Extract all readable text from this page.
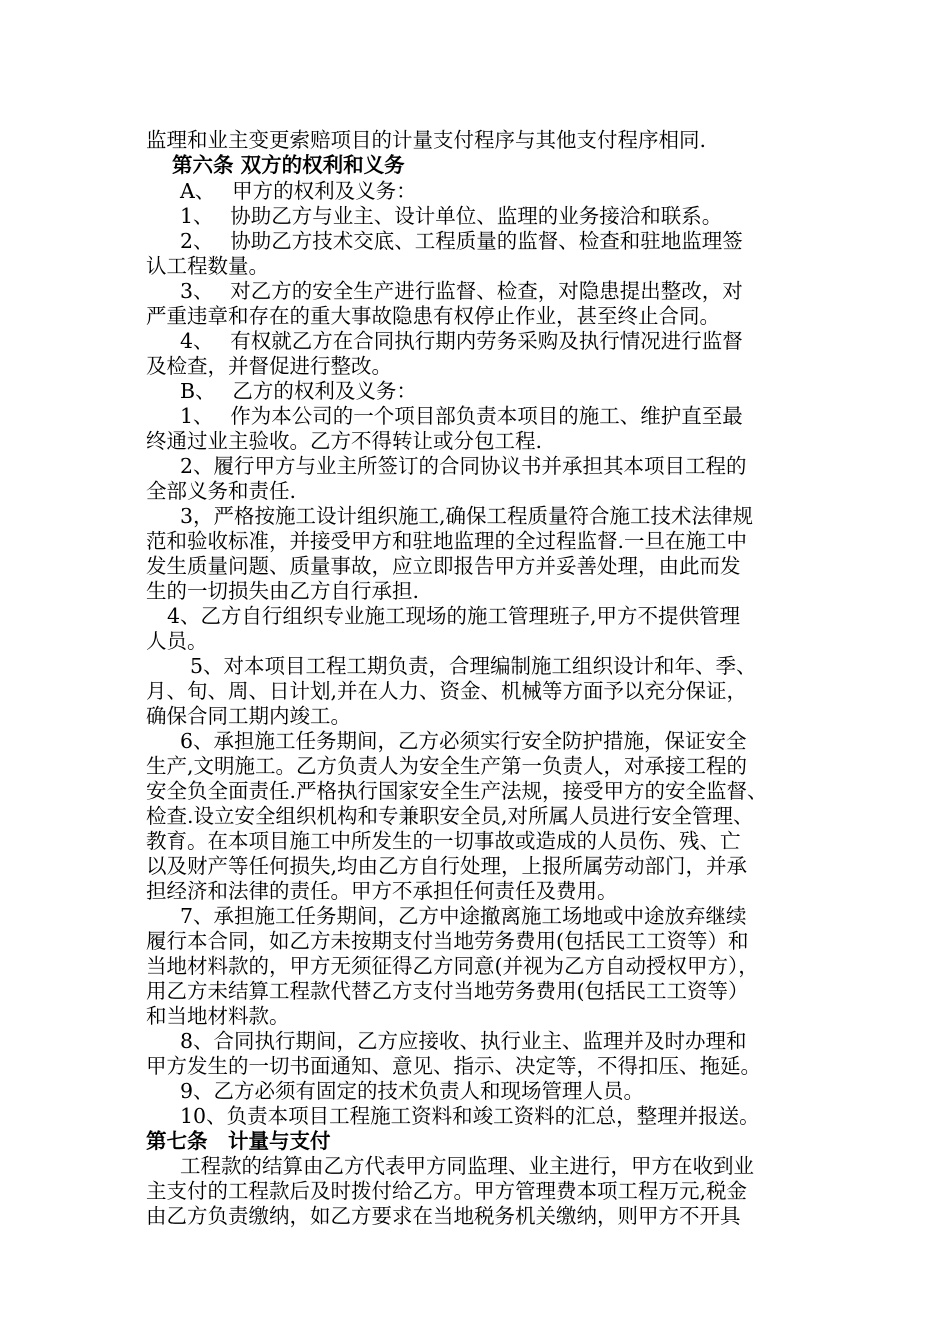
监理和业主变更索赔项目的计量支付程序与其他支付程序相同.
第六条 双方的权利和义务
A、　 甲方的权利及义务：
1、　 协助乙方与业主、设计单位、监理的业务接洽和联系。
2、　 协助乙方技术交底、工程质量的监督、检查和驻地监理签
认工程数量。
3、　 对乙方的安全生产进行监督、检查，对隐患提出整改，对
严重违章和存在的重大事故隐患有权停止作业，甚至终止合同。
4、　 有权就乙方在合同执行期内劳务采购及执行情况进行监督
及检查，并督促进行整改。
B、　 乙方的权利及义务：
1、　 作为本公司的一个项目部负责本项目的施工、维护直至最
终通过业主验收。乙方不得转让或分包工程.
2、履行甲方与业主所签订的合同协议书并承担其本项目工程的
全部义务和责任.
3，严格按施工设计组织施工,确保工程质量符合施工技术法律规
范和验收标准，并接受甲方和驻地监理的全过程监督.一旦在施工中
发生质量问题、质量事故，应立即报告甲方并妥善处理，由此而发
生的一切损失由乙方自行承担.
4、乙方自行组织专业施工现场的施工管理班子,甲方不提供管理
人员。
5、对本项目工程工期负责，合理编制施工组织设计和年、季、
月、旬、周、日计划,并在人力、资金、机械等方面予以充分保证，
确保合同工期内竣工。
6、承担施工任务期间，乙方必须实行安全防护措施，保证安全
生产,文明施工。乙方负责人为安全生产第一负责人，对承接工程的
安全负全面责任.严格执行国家安全生产法规，接受甲方的安全监督、
检查.设立安全组织机构和专兼职安全员,对所属人员进行安全管理、
教育。在本项目施工中所发生的一切事故或造成的人员伤、残、亡
以及财产等任何损失,均由乙方自行处理，上报所属劳动部门，并承
担经济和法律的责任。甲方不承担任何责任及费用。
7、承担施工任务期间，乙方中途撤离施工场地或中途放弃继续
履行本合同，如乙方未按期支付当地劳务费用(包括民工工资等）和
当地材料款的，甲方无须征得乙方同意(并视为乙方自动授权甲方），
用乙方未结算工程款代替乙方支付当地劳务费用(包括民工工资等）
和当地材料款。
8、合同执行期间，乙方应接收、执行业主、监理并及时办理和
甲方发生的一切书面通知、意见、指示、决定等，不得扣压、拖延。
9、乙方必须有固定的技术负责人和现场管理人员。
10、负责本项目工程施工资料和竣工资料的汇总，整理并报送。
第七条　计量与支付
工程款的结算由乙方代表甲方同监理、业主进行，甲方在收到业
主支付的工程款后及时拨付给乙方。甲方管理费本项工程万元,税金
由乙方负责缴纳，如乙方要求在当地税务机关缴纳，则甲方不开具
